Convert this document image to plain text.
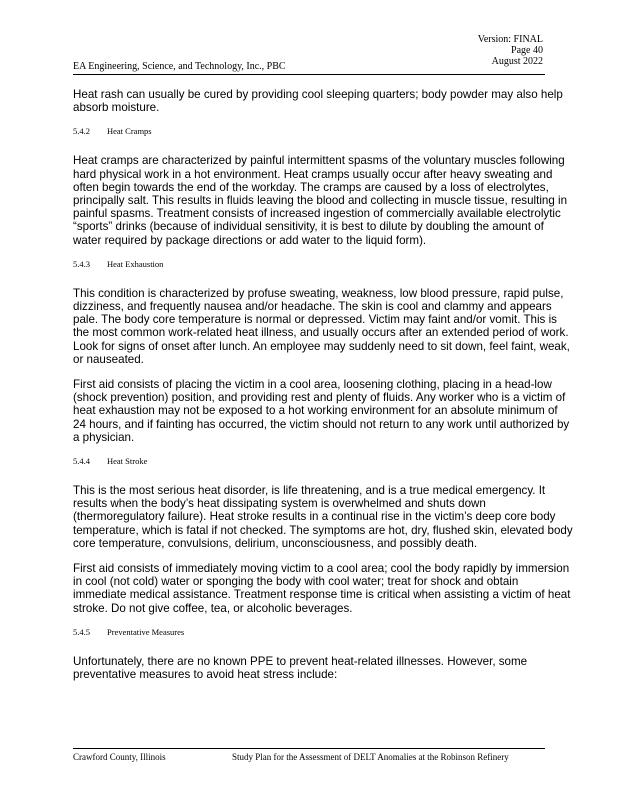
Version: FINAL
Page 40
August 2022
EA Engineering, Science, and Technology, Inc., PBC

Heat rash can usually be cured by providing cool sleeping quarters; body powder may also help absorb moisture.

5.4.2 Heat Cramps

Heat cramps are characterized by painful intermittent spasms of the voluntary muscles following hard physical work in a hot environment. Heat cramps usually occur after heavy sweating and often begin towards the end of the workday. The cramps are caused by a loss of electrolytes, principally salt. This results in fluids leaving the blood and collecting in muscle tissue, resulting in painful spasms. Treatment consists of increased ingestion of commercially available electrolytic “sports” drinks (because of individual sensitivity, it is best to dilute by doubling the amount of water required by package directions or add water to the liquid form).

5.4.3 Heat Exhaustion

This condition is characterized by profuse sweating, weakness, low blood pressure, rapid pulse, dizziness, and frequently nausea and/or headache. The skin is cool and clammy and appears pale. The body core temperature is normal or depressed. Victim may faint and/or vomit. This is the most common work-related heat illness, and usually occurs after an extended period of work. Look for signs of onset after lunch. An employee may suddenly need to sit down, feel faint, weak, or nauseated.

First aid consists of placing the victim in a cool area, loosening clothing, placing in a head-low (shock prevention) position, and providing rest and plenty of fluids. Any worker who is a victim of heat exhaustion may not be exposed to a hot working environment for an absolute minimum of 24 hours, and if fainting has occurred, the victim should not return to any work until authorized by a physician.

5.4.4 Heat Stroke

This is the most serious heat disorder, is life threatening, and is a true medical emergency. It results when the body’s heat dissipating system is overwhelmed and shuts down (thermoregulatory failure). Heat stroke results in a continual rise in the victim’s deep core body temperature, which is fatal if not checked. The symptoms are hot, dry, flushed skin, elevated body core temperature, convulsions, delirium, unconsciousness, and possibly death.

First aid consists of immediately moving victim to a cool area; cool the body rapidly by immersion in cool (not cold) water or sponging the body with cool water; treat for shock and obtain immediate medical assistance. Treatment response time is critical when assisting a victim of heat stroke. Do not give coffee, tea, or alcoholic beverages.

5.4.5 Preventative Measures

Unfortunately, there are no known PPE to prevent heat-related illnesses. However, some preventative measures to avoid heat stress include:

Crawford County, Illinois	Study Plan for the Assessment of DELT Anomalies at the Robinson Refinery
